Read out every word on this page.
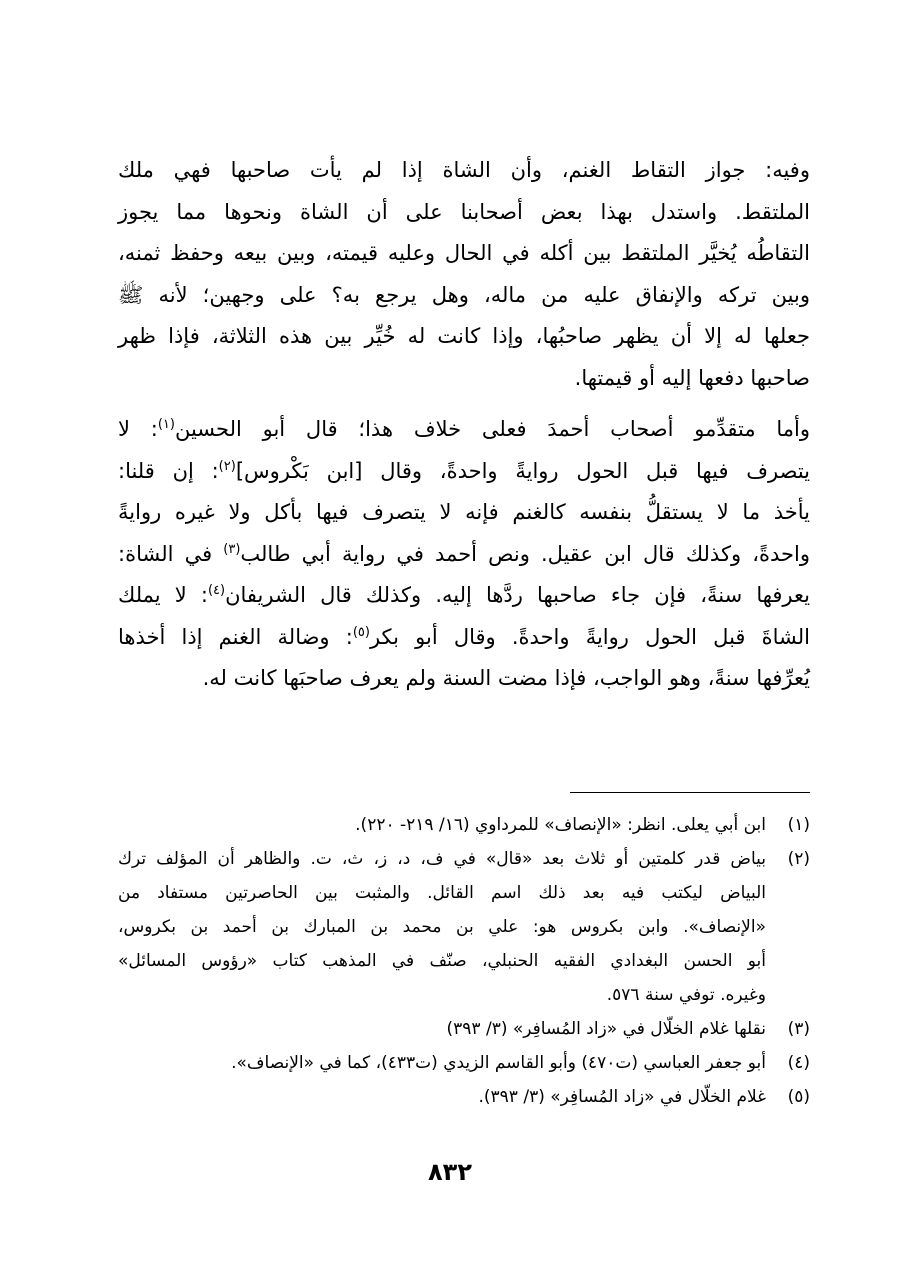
وفيه: جواز التقاط الغنم، وأن الشاة إذا لم يأت صاحبها فهي ملك
الملتقط. واستدل بهذا بعض أصحابنا على أن الشاة ونحوها مما يجوز
التقاطُه يُخيَّر الملتقط بين أكله في الحال وعليه قيمته، وبين بيعه وحفظ ثمنه،
وبين تركه والإنفاق عليه من ماله، وهل يرجع به؟ على وجهين؛ لأنه ﷺ
جعلها له إلا أن يظهر صاحبُها، وإذا كانت له خُيِّر بين هذه الثلاثة، فإذا ظهر
صاحبها دفعها إليه أو قيمتها.

وأما متقدِّمو أصحاب أحمدَ فعلى خلاف هذا؛ قال أبو الحسين$^{(١)}$: لا
يتصرف فيها قبل الحول روايةً واحدةً، وقال [ابن بَكْروس]$^{(٢)}$: إن قلنا:
يأخذ ما لا يستقلُّ بنفسه كالغنم فإنه لا يتصرف فيها بأكل ولا غيره روايةً
واحدةً، وكذلك قال ابن عقيل. ونص أحمد في رواية أبي طالب$^{(٣)}$ في الشاة:
يعرفها سنةً، فإن جاء صاحبها ردَّها إليه. وكذلك قال الشريفان$^{(٤)}$: لا يملك
الشاةَ قبل الحول روايةً واحدةً. وقال أبو بكر$^{(٥)}$: وضالة الغنم إذا أخذها
يُعرِّفها سنةً، وهو الواجب، فإذا مضت السنة ولم يعرف صاحبَها كانت له.

(١)
ابن أبي يعلى. انظر: «الإنصاف» للمرداوي (١٦/ ٢١٩- ٢٢٠).
(٢)
بياض قدر كلمتين أو ثلاث بعد «قال» في ف، د، ز، ث، ت. والظاهر أن المؤلف ترك
البياض ليكتب فيه بعد ذلك اسم القائل. والمثبت بين الحاصرتين مستفاد من
«الإنصاف». وابن بكروس هو: علي بن محمد بن المبارك بن أحمد بن بكروس،
أبو الحسن البغدادي الفقيه الحنبلي، صنّف في المذهب كتاب «رؤوس المسائل»
وغيره. توفي سنة ٥٧٦.
(٣)
نقلها غلام الخلّال في «زاد المُسافِر» (٣/ ٣٩٣)
(٤)
أبو جعفر العباسي (ت٤٧٠) وأبو القاسم الزيدي (ت٤٣٣)، كما في «الإنصاف».
(٥)
غلام الخلّال في «زاد المُسافِر» (٣/ ٣٩٣).
٨٣٢
